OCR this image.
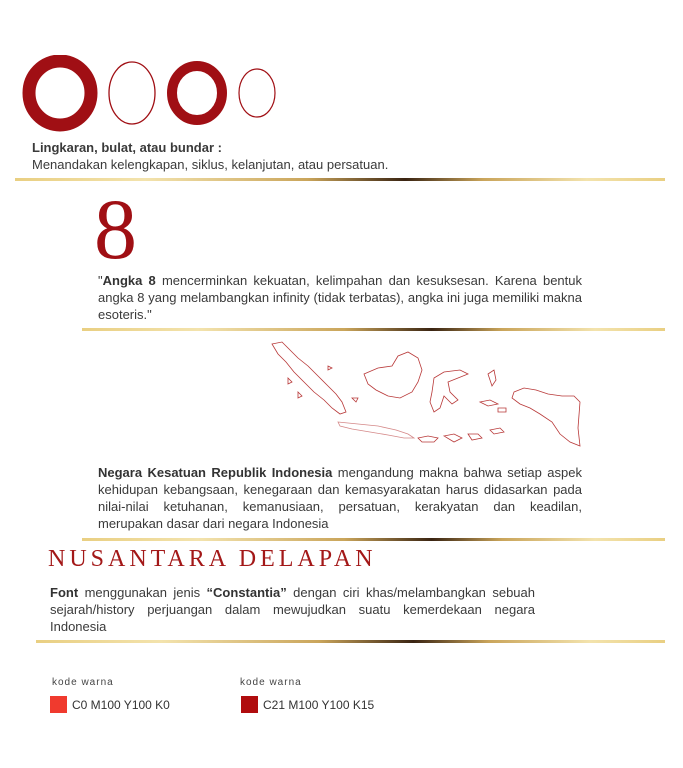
Lingkaran, bulat, atau bundar :
Menandakan kelengkapan, siklus, kelanjutan, atau persatuan.
8
"Angka 8 mencerminkan kekuatan, kelimpahan dan kesuksesan. Karena bentuk angka 8 yang melambangkan infinity (tidak terbatas), angka ini juga memiliki makna esoteris."
Negara Kesatuan Republik Indonesia mengandung makna bahwa setiap aspek kehidupan kebangsaan, kenegaraan dan kemasyarakatan harus didasarkan pada nilai-nilai ketuhanan, kemanusiaan, persatuan, kerakyatan dan keadilan, merupakan dasar dari negara Indonesia
NUSANTARA DELAPAN
Font menggunakan jenis “Constantia” dengan ciri khas/melambangkan sebuah sejarah/history perjuangan dalam mewujudkan suatu kemerdekaan negara Indonesia
kode warna
C0 M100 Y100 K0
kode warna
C21 M100 Y100 K15
